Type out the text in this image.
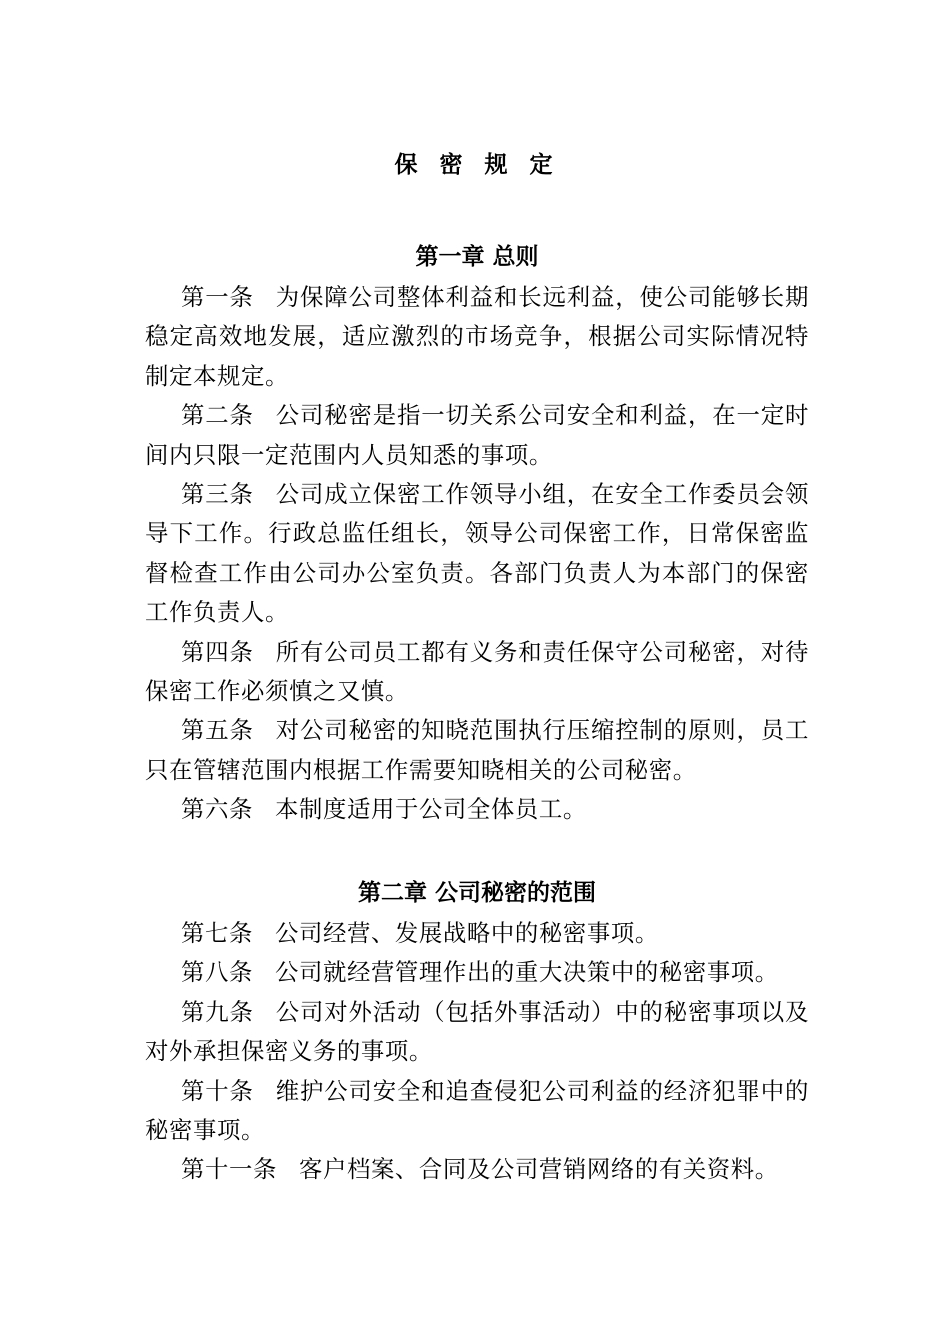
保 密 规 定
第一章 总则

第一条 为保障公司整体利益和长远利益，使公司能够长期稳定高效地发展，适应激烈的市场竞争，根据公司实际情况特制定本规定。

第二条 公司秘密是指一切关系公司安全和利益，在一定时间内只限一定范围内人员知悉的事项。

第三条 公司成立保密工作领导小组，在安全工作委员会领导下工作。行政总监任组长，领导公司保密工作，日常保密监督检查工作由公司办公室负责。各部门负责人为本部门的保密工作负责人。

第四条 所有公司员工都有义务和责任保守公司秘密，对待保密工作必须慎之又慎。

第五条 对公司秘密的知晓范围执行压缩控制的原则，员工只在管辖范围内根据工作需要知晓相关的公司秘密。

第六条 本制度适用于公司全体员工。

第二章 公司秘密的范围

第七条 公司经营、发展战略中的秘密事项。

第八条 公司就经营管理作出的重大决策中的秘密事项。

第九条 公司对外活动（包括外事活动）中的秘密事项以及对外承担保密义务的事项。

第十条 维护公司安全和追查侵犯公司利益的经济犯罪中的秘密事项。

第十一条 客户档案、合同及公司营销网络的有关资料。
